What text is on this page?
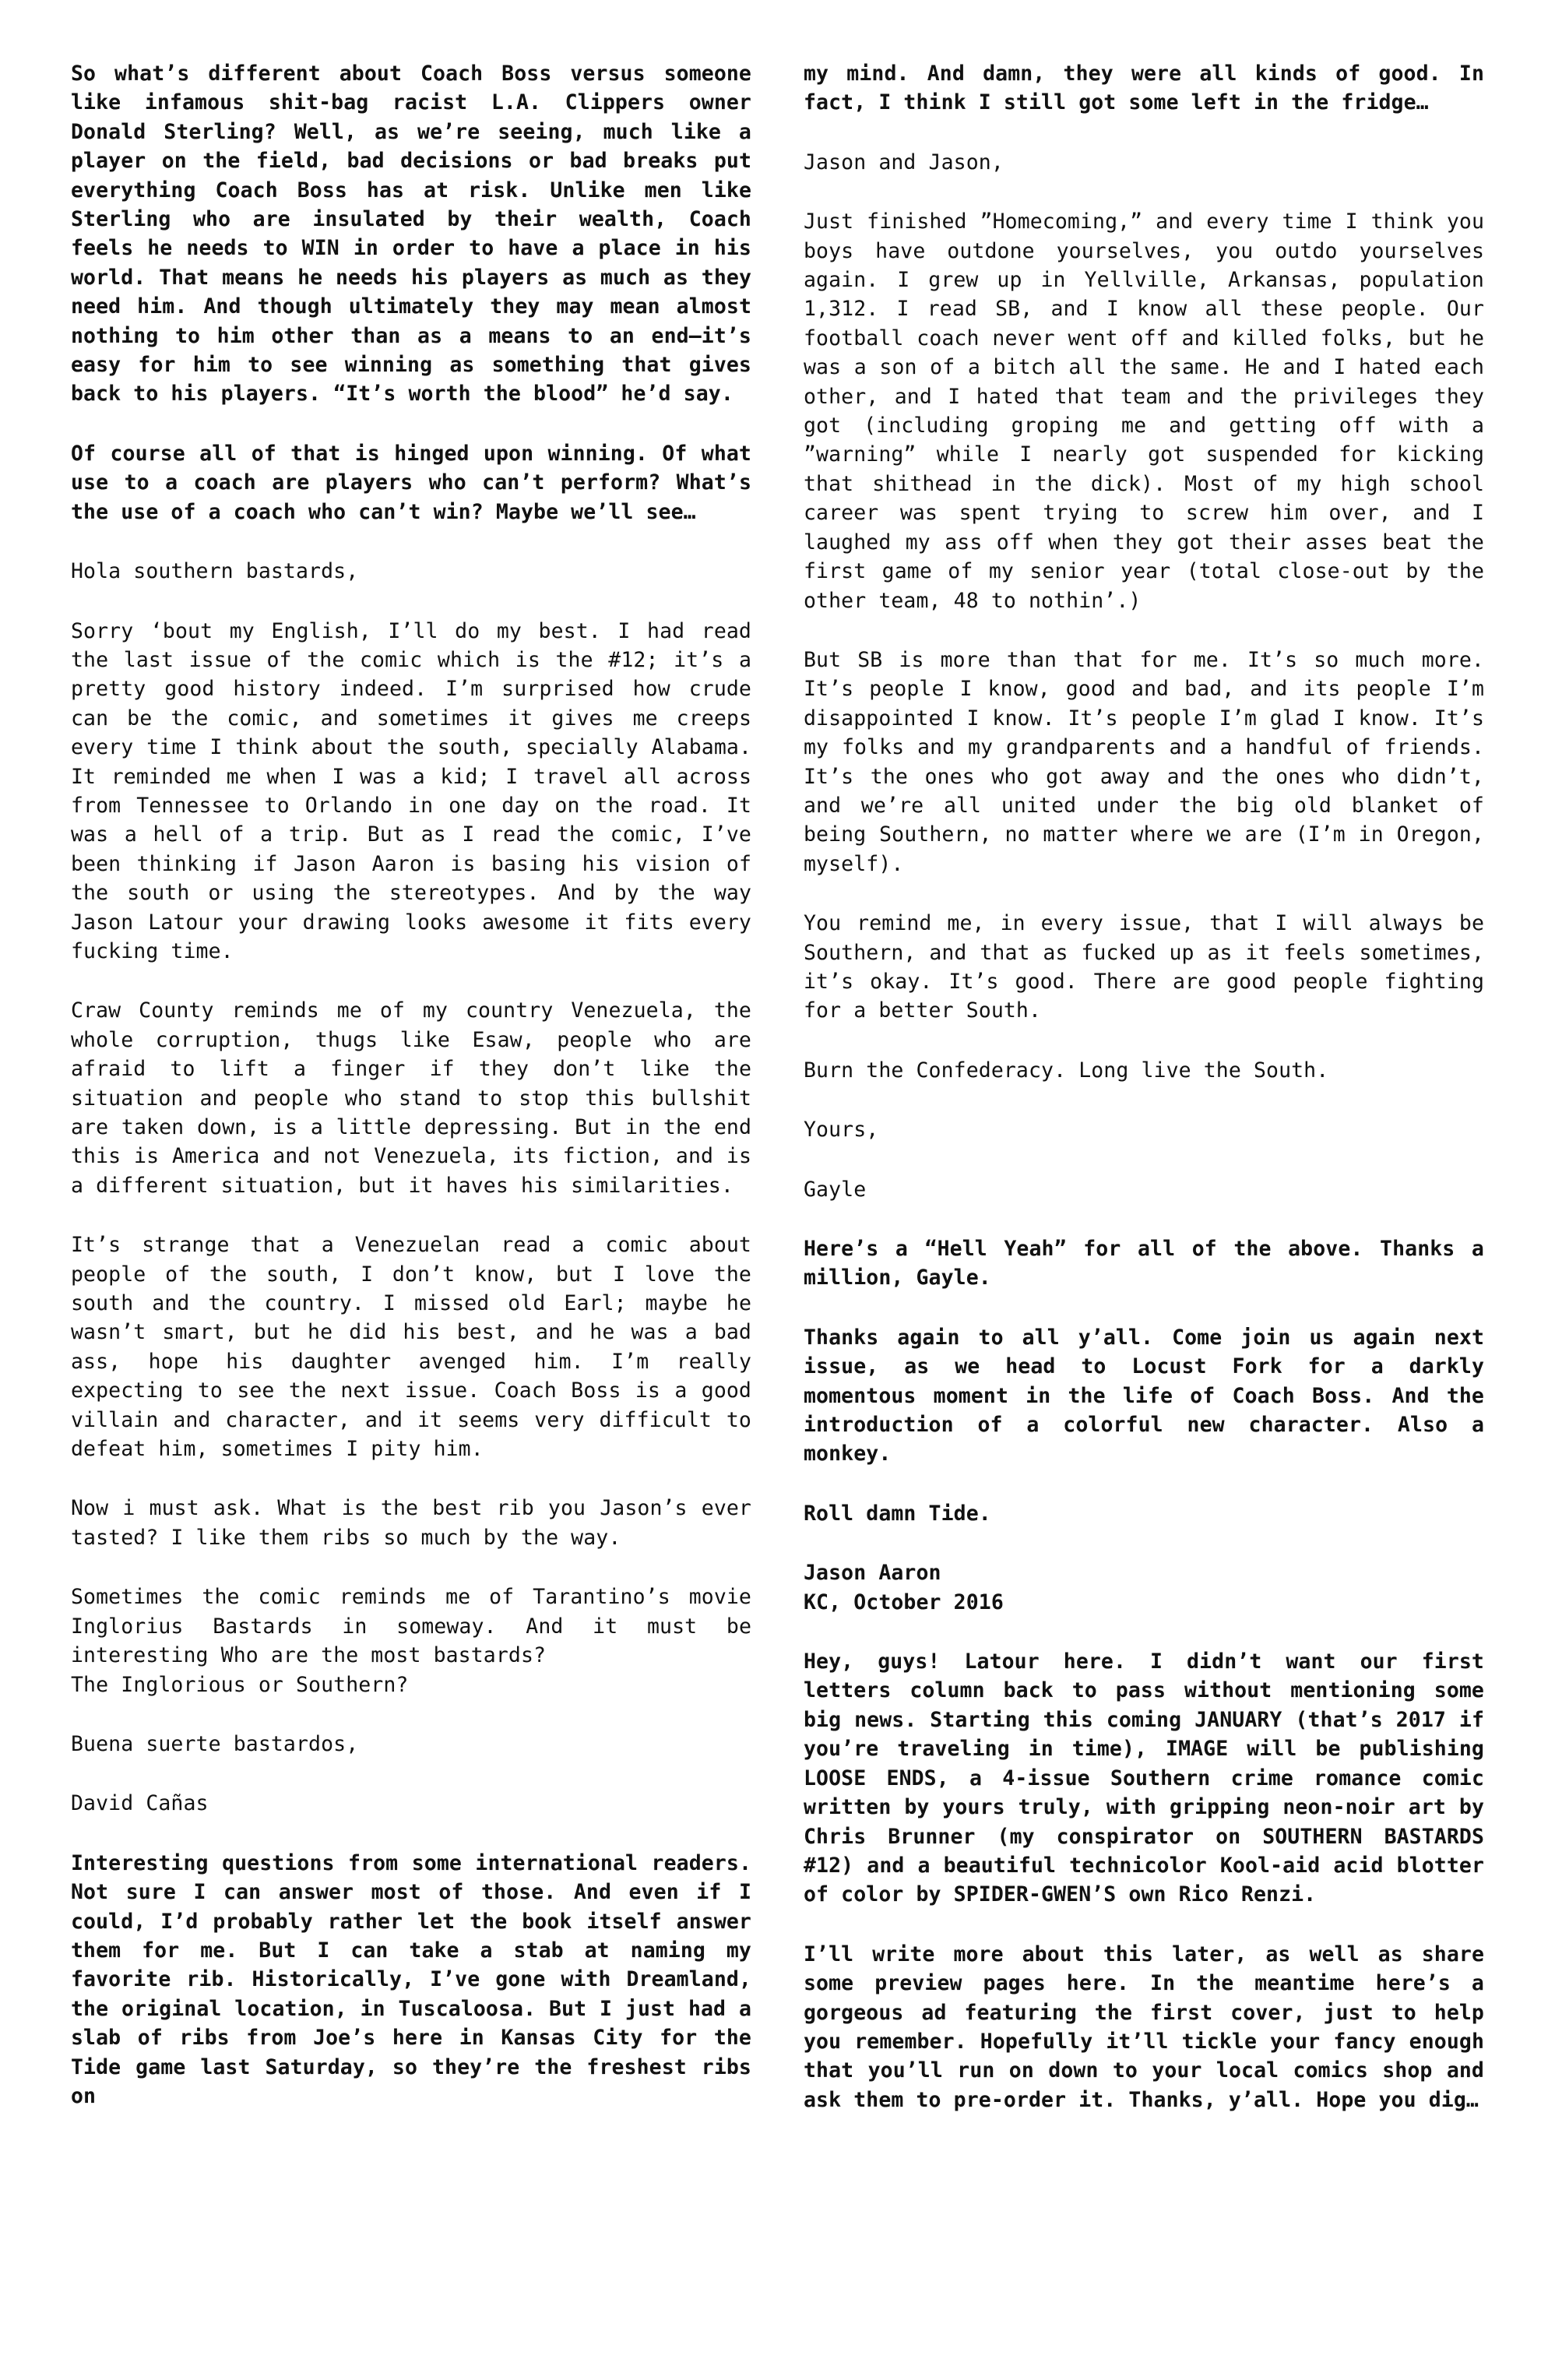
So what’s different about Coach Boss versus someone like infamous shit-bag racist L.A. Clippers owner Donald Sterling? Well, as we’re seeing, much like a player on the field, bad decisions or bad breaks put everything Coach Boss has at risk. Unlike men like Sterling who are insulated by their wealth, Coach feels he needs to WIN in order to have a place in his world. That means he needs his players as much as they need him. And though ultimately they may mean almost nothing to him other than as a means to an end—it’s easy for him to see winning as something that gives back to his players. “It’s worth the blood” he’d say.

Of course all of that is hinged upon winning. Of what use to a coach are players who can’t perform? What’s the use of a coach who can’t win? Maybe we’ll see…

Hola southern bastards,

Sorry ‘bout my English, I’ll do my best. I had read the last issue of the comic which is the #12; it’s a pretty good history indeed. I’m surprised how crude can be the comic, and sometimes it gives me creeps every time I think about the south, specially Alabama. It reminded me when I was a kid; I travel all across from Tennessee to Orlando in one day on the road. It was a hell of a trip. But as I read the comic, I’ve been thinking if Jason Aaron is basing his vision of the south or using the stereotypes. And by the way Jason Latour your drawing looks awesome it fits every fucking time.

Craw County reminds me of my country Venezuela, the whole corruption, thugs like Esaw, people who are afraid to lift a finger if they don’t like the situation and people who stand to stop this bullshit are taken down, is a little depressing. But in the end this is America and not Venezuela, its fiction, and is a different situation, but it haves his similarities.

It’s strange that a Venezuelan read a comic about people of the south, I don’t know, but I love the south and the country. I missed old Earl; maybe he wasn’t smart, but he did his best, and he was a bad ass, hope his daughter avenged him. I’m really expecting to see the next issue. Coach Boss is a good villain and character, and it seems very difficult to defeat him, sometimes I pity him.

Now i must ask. What is the best rib you Jason’s ever tasted? I like them ribs so much by the way.

Sometimes the comic reminds me of Tarantino’s movie Inglorius Bastards in someway. And it must be interesting Who are the most bastards?
The Inglorious or Southern?

Buena suerte bastardos,

David Cañas

Interesting questions from some international readers. Not sure I can answer most of those. And even if I could, I’d probably rather let the book itself answer them for me. But I can take a stab at naming my favorite rib. Historically, I’ve gone with Dreamland, the original location, in Tuscaloosa. But I just had a slab of ribs from Joe’s here in Kansas City for the Tide game last Saturday, so they’re the freshest ribs on

my mind. And damn, they were all kinds of good. In fact, I think I still got some left in the fridge…

Jason and Jason,

Just finished ”Homecoming,” and every time I think you boys have outdone yourselves, you outdo yourselves again. I grew up in Yellville, Arkansas, population 1,312. I read SB, and I know all these people. Our football coach never went off and killed folks, but he was a son of a bitch all the same. He and I hated each other, and I hated that team and the privileges they got (including groping me and getting off with a ”warning” while I nearly got suspended for kicking that shithead in the dick). Most of my high school career was spent trying to screw him over, and I laughed my ass off when they got their asses beat the first game of my senior year (total close-out by the other team, 48 to nothin’.)

But SB is more than that for me. It’s so much more. It’s people I know, good and bad, and its people I’m disappointed I know. It’s people I’m glad I know. It’s my folks and my grandparents and a handful of friends. It’s the ones who got away and the ones who didn’t, and we’re all united under the big old blanket of being Southern, no matter where we are (I’m in Oregon, myself).

You remind me, in every issue, that I will always be Southern, and that as fucked up as it feels sometimes, it’s okay. It’s good. There are good people fighting for a better South.

Burn the Confederacy. Long live the South.

Yours,

Gayle

Here’s a “Hell Yeah” for all of the above. Thanks a million, Gayle.

Thanks again to all y’all. Come join us again next issue, as we head to Locust Fork for a darkly momentous moment in the life of Coach Boss. And the introduction of a colorful new character. Also a monkey.

Roll damn Tide.

Jason Aaron
KC, October 2016

Hey, guys! Latour here. I didn’t want our first letters column back to pass without mentioning some big news. Starting this coming JANUARY (that’s 2017 if you’re traveling in time), IMAGE will be publishing LOOSE ENDS, a 4-issue Southern crime romance comic written by yours truly, with gripping neon-noir art by Chris Brunner (my conspirator on SOUTHERN BASTARDS #12) and a beautiful technicolor Kool-aid acid blotter of color by SPIDER-GWEN’S own Rico Renzi.

I’ll write more about this later, as well as share some preview pages here. In the meantime here’s a gorgeous ad featuring the first cover, just to help you remember. Hopefully it’ll tickle your fancy enough that you’ll run on down to your local comics shop and ask them to pre-order it. Thanks, y’all. Hope you dig…
